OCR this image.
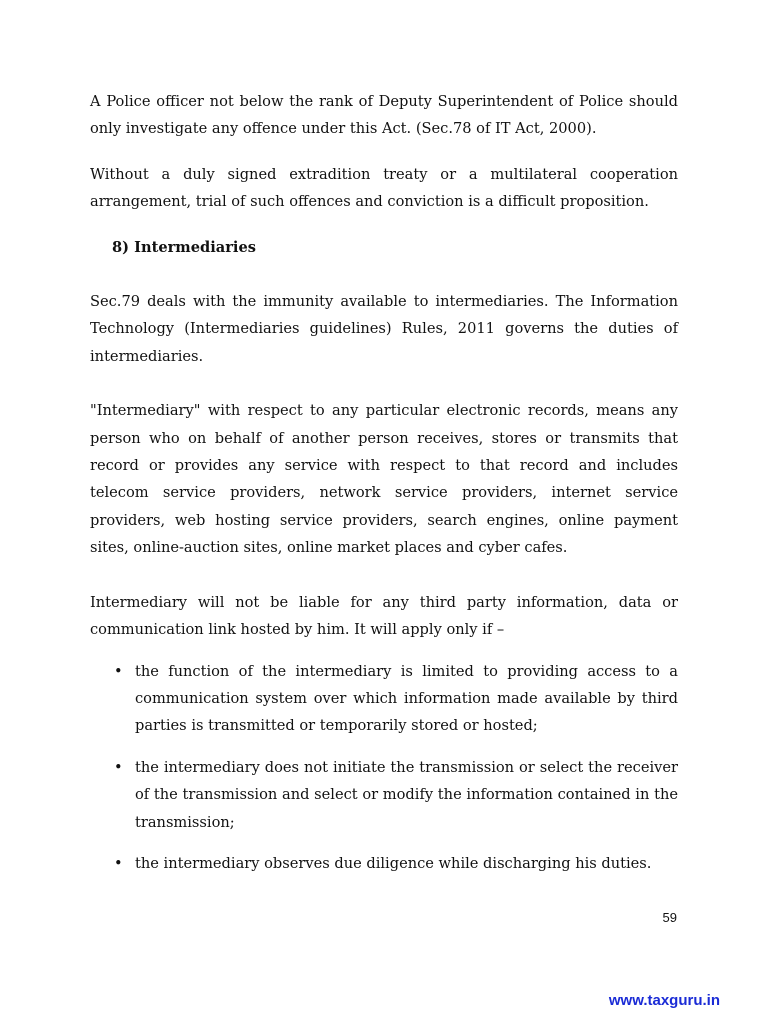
A Police officer not below the rank of Deputy Superintendent of Police should only investigate any offence under this Act. (Sec.78 of IT Act, 2000).

Without a duly signed extradition treaty or a multilateral cooperation arrangement, trial of such offences and conviction is a difficult proposition.

8) Intermediaries

Sec.79 deals with the immunity available to intermediaries. The Information Technology (Intermediaries guidelines) Rules, 2011 governs the duties of intermediaries.

"Intermediary" with respect to any particular electronic records, means any person who on behalf of another person receives, stores or transmits that record or provides any service with respect to that record and includes telecom service providers, network service providers, internet service providers, web hosting service providers, search engines, online payment sites, online-auction sites, online market places and cyber cafes.

Intermediary will not be liable for any third party information, data or communication link hosted by him. It will apply only if –

• the function of the intermediary is limited to providing access to a communication system over which information made available by third parties is transmitted or temporarily stored or hosted;
• the intermediary does not initiate the transmission or select the receiver of the transmission and select or modify the information contained in the transmission;
• the intermediary observes due diligence while discharging his duties.
59
www.taxguru.in
